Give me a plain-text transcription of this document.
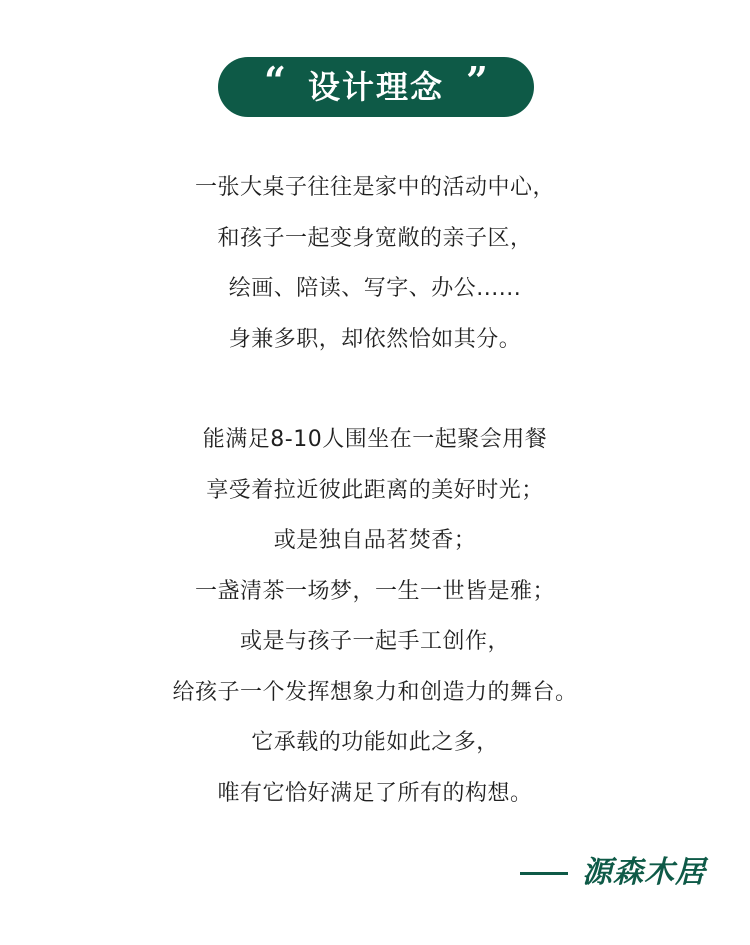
“ 设计理念 ”
一张大桌子往往是家中的活动中心，
和孩子一起变身宽敞的亲子区，
绘画、陪读、写字、办公......
身兼多职，却依然恰如其分。
能满足8-10人围坐在一起聚会用餐
享受着拉近彼此距离的美好时光；
或是独自品茗焚香；
一盏清茶一场梦，一生一世皆是雅；
或是与孩子一起手工创作，
给孩子一个发挥想象力和创造力的舞台。
它承载的功能如此之多，
唯有它恰好满足了所有的构想。
源森木居
